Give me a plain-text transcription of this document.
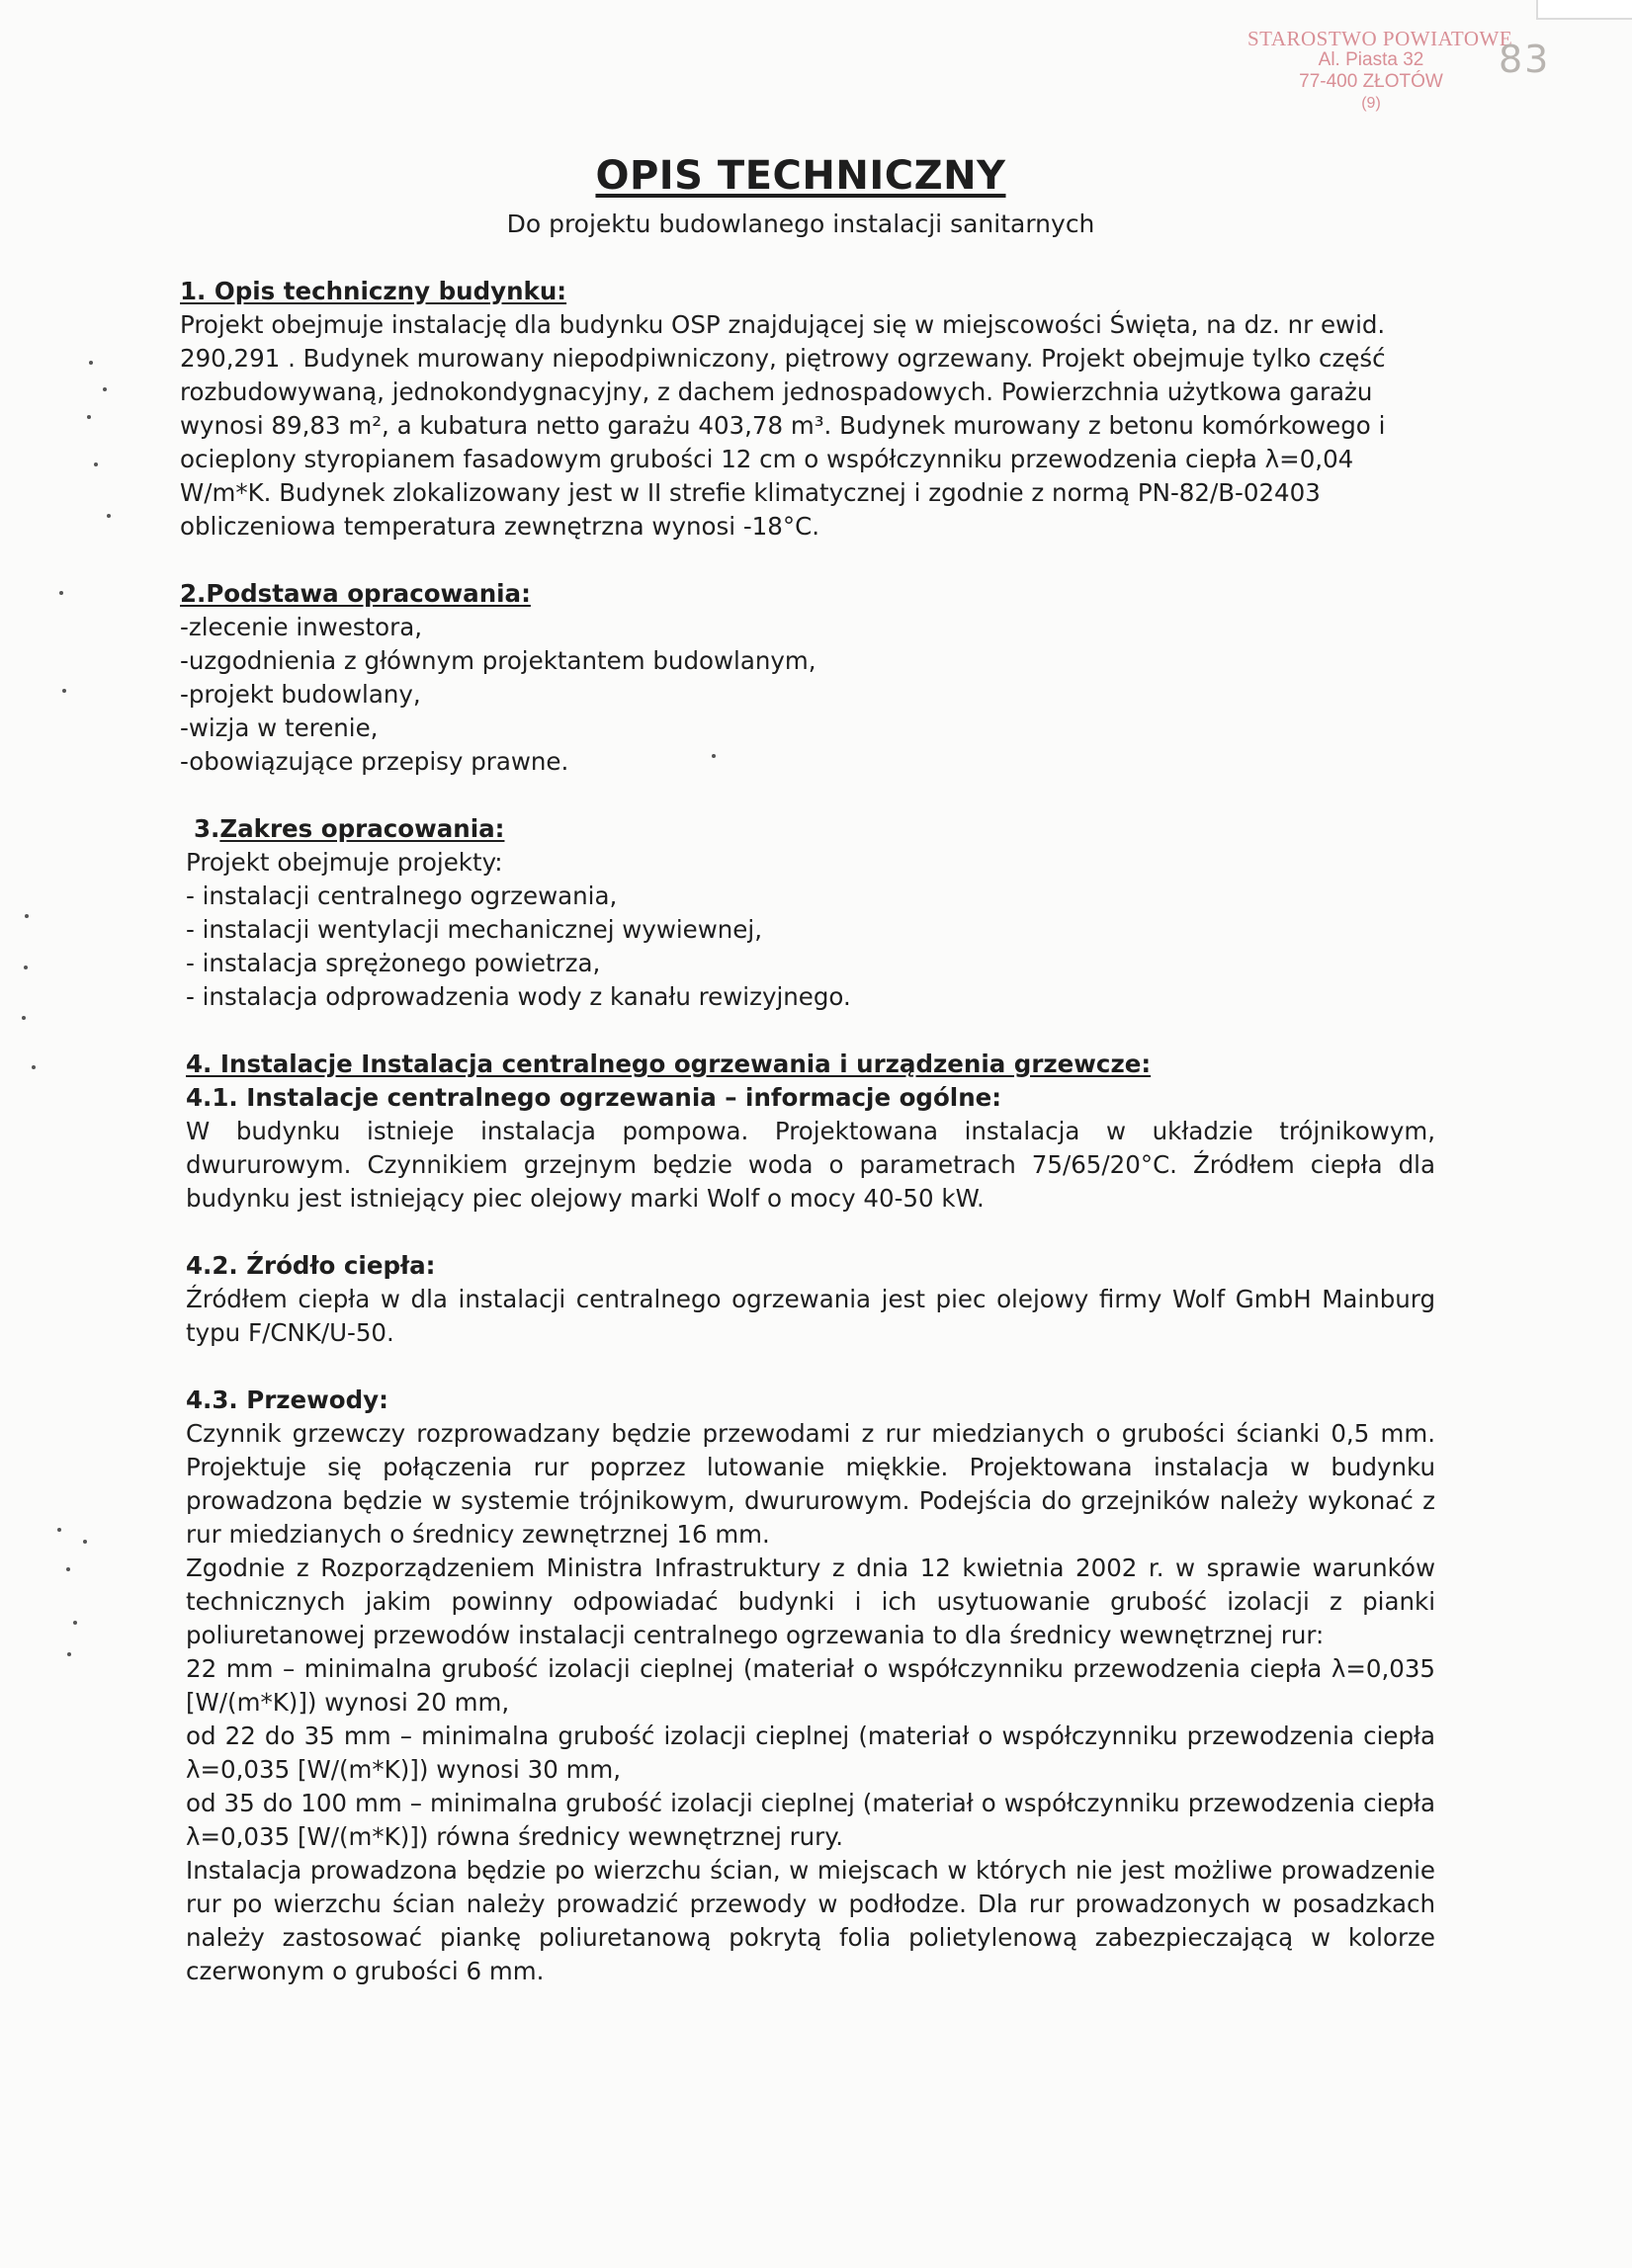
STAROSTWO POWIATOWE
Al. Piasta 32
77-400 ZŁOTÓW
(9)
83
OPIS TECHNICZNY
Do projektu budowlanego instalacji sanitarnych

1. Opis techniczny budynku:

Projekt obejmuje instalację dla budynku OSP znajdującej się w miejscowości Święta, na dz. nr ewid. 290,291 . Budynek murowany niepodpiwniczony, piętrowy ogrzewany. Projekt obejmuje tylko część rozbudowywaną, jednokondygnacyjny, z dachem jednospadowych. Powierzchnia użytkowa garażu wynosi 89,83 m², a kubatura netto garażu 403,78 m³. Budynek murowany z betonu komórkowego i ocieplony styropianem fasadowym grubości 12 cm o współczynniku przewodzenia ciepła λ=0,04 W/m*K. Budynek zlokalizowany jest w II strefie klimatycznej i zgodnie z normą PN-82/B-02403 obliczeniowa temperatura zewnętrzna wynosi -18°C.

2.Podstawa opracowania:

-zlecenie inwestora,

-uzgodnienia z głównym projektantem budowlanym,

-projekt budowlany,

-wizja w terenie,

-obowiązujące przepisy prawne.

3.Zakres opracowania:

Projekt obejmuje projekty:

- instalacji centralnego ogrzewania,

- instalacji wentylacji mechanicznej wywiewnej,

- instalacja sprężonego powietrza,

- instalacja odprowadzenia wody z kanału rewizyjnego.

4. Instalacje Instalacja centralnego ogrzewania i urządzenia grzewcze:

4.1. Instalacje centralnego ogrzewania – informacje ogólne:

W budynku istnieje instalacja pompowa. Projektowana instalacja w układzie trójnikowym, dwururowym. Czynnikiem grzejnym będzie woda o parametrach 75/65/20°C. Źródłem ciepła dla budynku jest istniejący piec olejowy marki Wolf o mocy 40-50 kW.

4.2. Źródło ciepła:

Źródłem ciepła w dla instalacji centralnego ogrzewania jest piec olejowy firmy Wolf GmbH Mainburg typu F/CNK/U-50.

4.3. Przewody:

Czynnik grzewczy rozprowadzany będzie przewodami z rur miedzianych o grubości ścianki 0,5 mm. Projektuje się połączenia rur poprzez lutowanie miękkie. Projektowana instalacja w budynku prowadzona będzie w systemie trójnikowym, dwururowym. Podejścia do grzejników należy wykonać z rur miedzianych o średnicy zewnętrznej 16 mm.

Zgodnie z Rozporządzeniem Ministra Infrastruktury z dnia 12 kwietnia 2002 r. w sprawie warunków technicznych jakim powinny odpowiadać budynki i ich usytuowanie grubość izolacji z pianki poliuretanowej przewodów instalacji centralnego ogrzewania to dla średnicy wewnętrznej rur:

22 mm – minimalna grubość izolacji cieplnej (materiał o współczynniku przewodzenia ciepła λ=0,035 [W/(m*K)]) wynosi 20 mm,

od 22 do 35 mm – minimalna grubość izolacji cieplnej (materiał o współczynniku przewodzenia ciepła λ=0,035 [W/(m*K)]) wynosi 30 mm,

od 35 do 100 mm – minimalna grubość izolacji cieplnej (materiał o współczynniku przewodzenia ciepła λ=0,035 [W/(m*K)]) równa średnicy wewnętrznej rury.

Instalacja prowadzona będzie po wierzchu ścian, w miejscach w których nie jest możliwe prowadzenie rur po wierzchu ścian należy prowadzić przewody w podłodze. Dla rur prowadzonych w posadzkach należy zastosować piankę poliuretanową pokrytą folia polietylenową zabezpieczającą w kolorze czerwonym o grubości 6 mm.
